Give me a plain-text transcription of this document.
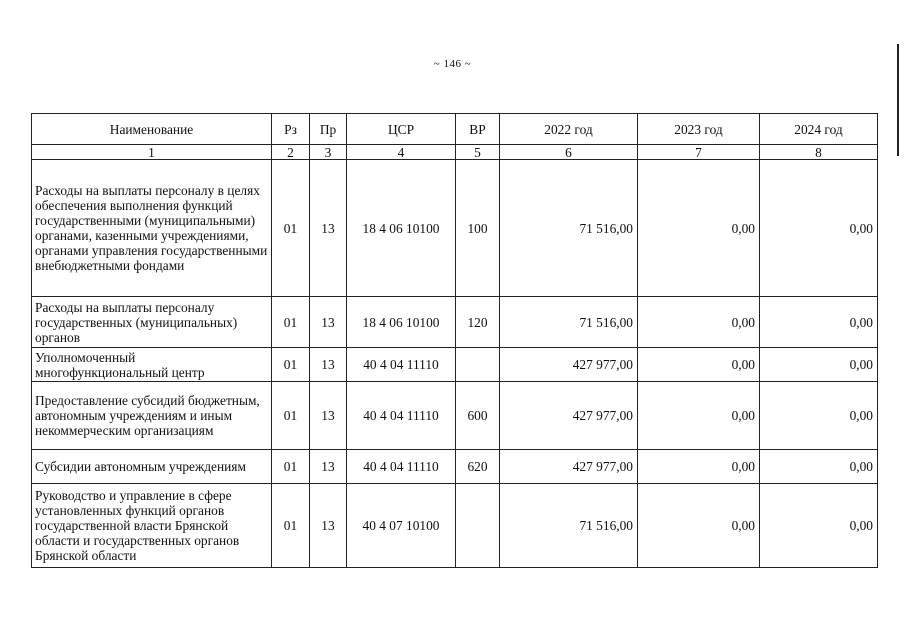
~ 146 ~
Наименование	Рз	Пр	ЦСР	ВР	2022 год	2023 год	2024 год
1	2	3	4	5	6	7	8
Расходы на выплаты персоналу в целях обеспечения выполнения функций государственными (муниципальными) органами, казенными учреждениями, органами управления государственными внебюджетными фондами	01	13	18 4 06 10100	100	71 516,00	0,00	0,00
Расходы на выплаты персоналу государственных (муниципальных) органов	01	13	18 4 06 10100	120	71 516,00	0,00	0,00
Уполномоченный многофункциональный центр	01	13	40 4 04 11110		427 977,00	0,00	0,00
Предоставление субсидий бюджетным, автономным учреждениям и иным некоммерческим организациям	01	13	40 4 04 11110	600	427 977,00	0,00	0,00
Субсидии автономным учреждениям	01	13	40 4 04 11110	620	427 977,00	0,00	0,00
Руководство и управление в сфере установленных функций органов государственной власти Брянской области и государственных органов Брянской области	01	13	40 4 07 10100		71 516,00	0,00	0,00
